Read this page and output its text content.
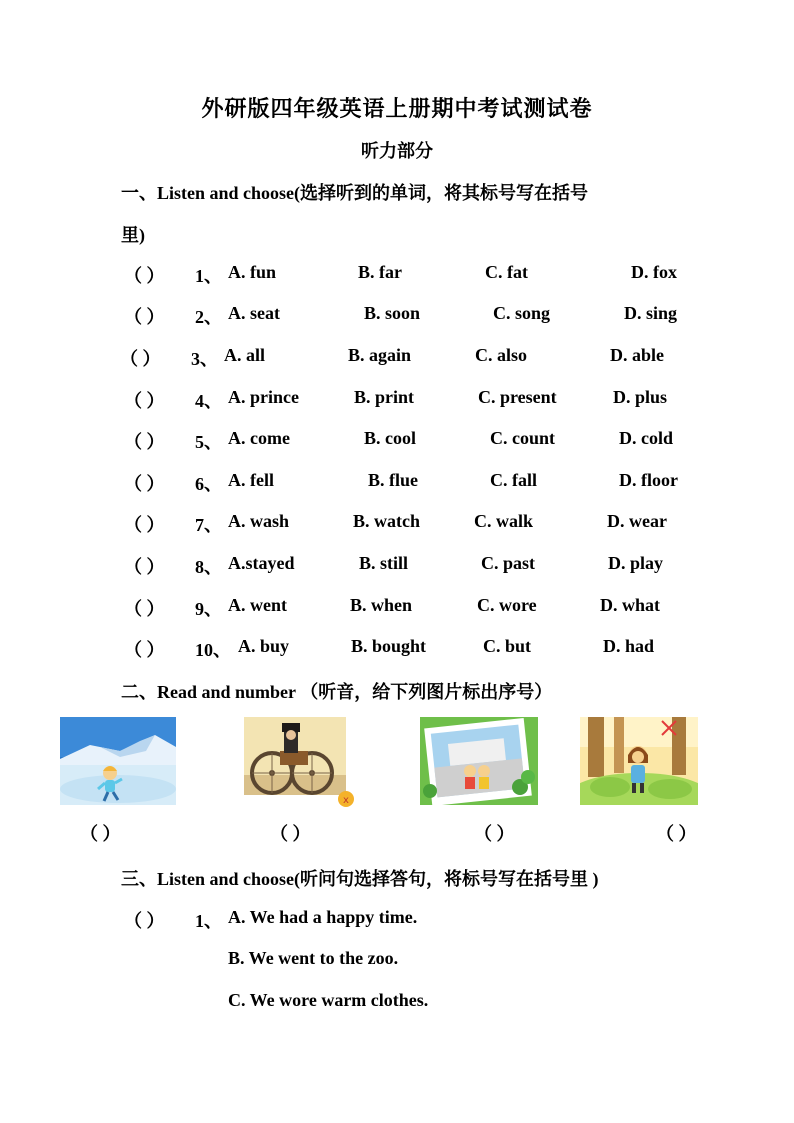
外研版四年级英语上册期中考试测试卷
听力部分
一、Listen and choose(选择听到的单词，将其标号写在括号
里)
（ ） 1、 A. fun	B. far	C. fat	D. fox
（ ） 2、 A. seat	B. soon	C. song	D. sing
（ ） 3、 A. all	B. again	C. also	D. able
（ ） 4、 A. prince	B. print	C. present	D. plus
（ ） 5、 A. come	B. cool	C. count	D. cold
（ ） 6、 A. fell	B. flue	C. fall	D. floor
（ ） 7、 A. wash	B. watch	C. walk	D. wear
（ ） 8、 A.stayed	B. still	C. past	D. play
（ ） 9、 A. went	B. when	C. wore	D. what
（ ） 10、 A. buy	B. bought	C. but	D. had
二、Read and number （听音，给下列图片标出序号）
x
（ ）	（ ）	（ ）	（ ）
三、Listen and choose(听问句选择答句，将标号写在括号里 )
（ ） 1、 A. We had a happy time.
B. We went to the zoo.
C. We wore warm clothes.
